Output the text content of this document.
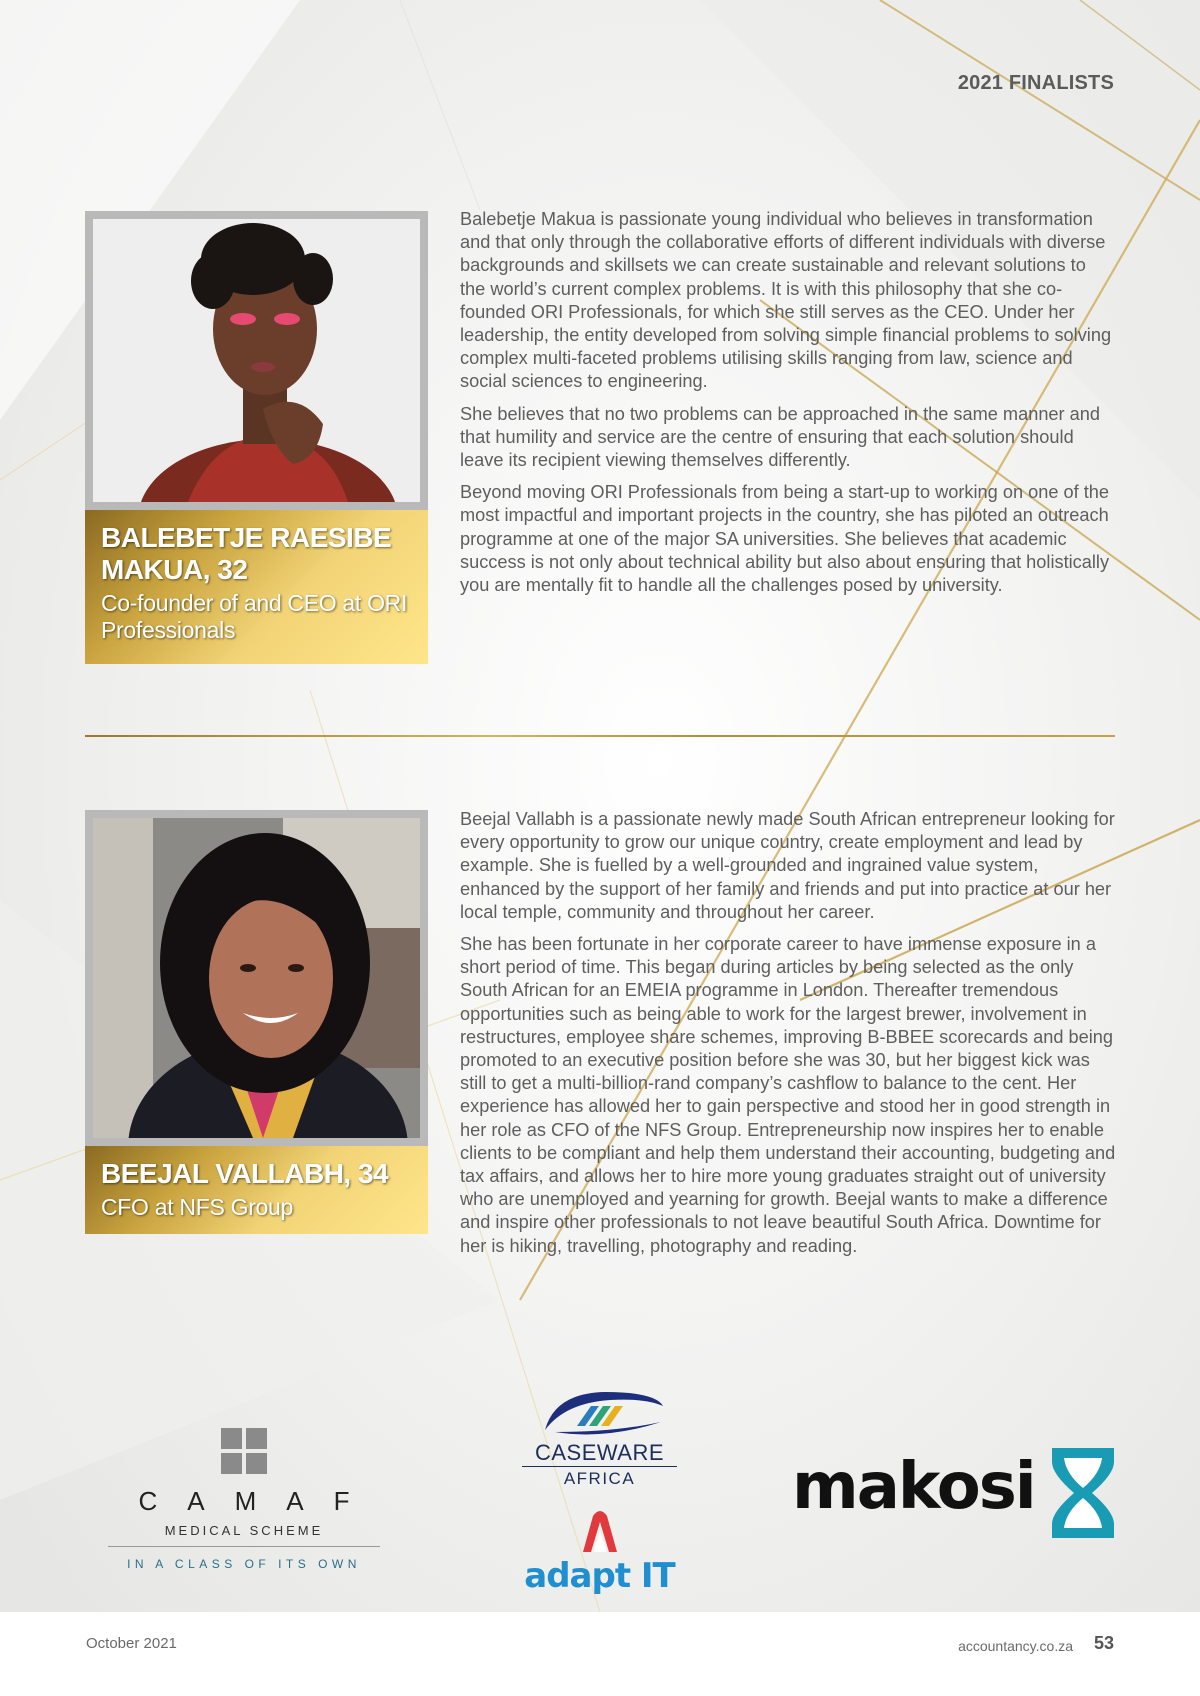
2021 FINALISTS
BALEBETJE RAESIBE
MAKUA, 32
Co-founder of and CEO at ORI
Professionals

Balebetje Makua is passionate young individual who believes in transformation and that only through the collaborative efforts of different individuals with diverse backgrounds and skillsets we can create sustainable and relevant solutions to the world’s current complex problems. It is with this philosophy that she co-founded ORI Professionals, for which she still serves as the CEO. Under her leadership, the entity developed from solving simple financial problems to solving complex multi-faceted problems utilising skills ranging from law, science and social sciences to engineering.

She believes that no two problems can be approached in the same manner and that humility and service are the centre of ensuring that each solution should leave its recipient viewing themselves differently.

Beyond moving ORI Professionals from being a start-up to working on one of the most impactful and important projects in the country, she has piloted an outreach programme at one of the major SA universities. She believes that academic success is not only about technical ability but also about ensuring that holistically you are mentally fit to handle all the challenges posed by university.

BEEJAL VALLABH, 34
CFO at NFS Group

Beejal Vallabh is a passionate newly made South African entrepreneur looking for every opportunity to grow our unique country, create employment and lead by example. She is fuelled by a well-grounded and ingrained value system, enhanced by the support of her family and friends and put into practice at our her local temple, community and throughout her career.

She has been fortunate in her corporate career to have immense exposure in a short period of time. This began during articles by being selected as the only South African for an EMEIA programme in London. Thereafter tremendous opportunities such as being able to work for the largest brewer, involvement in restructures, employee share schemes, improving B-BBEE scorecards and being promoted to an executive position before she was 30, but her biggest kick was still to get a multi-billion-rand company’s cashflow to balance to the cent. Her experience has allowed her to gain perspective and stood her in good strength in her role as CFO of the NFS Group. Entrepreneurship now inspires her to enable clients to be compliant and help them understand their accounting, budgeting and tax affairs, and allows her to hire more young graduates straight out of university who are unemployed and yearning for growth. Beejal wants to make a difference and inspire other professionals to not leave beautiful South Africa. Downtime for her is hiking, travelling, photography and reading.

CAMAF
MEDICAL SCHEME
IN A CLASS OF ITS OWN
CASEWARE
AFRICA
adapt IT
makosi
October 2021	accountancy.co.za 53
